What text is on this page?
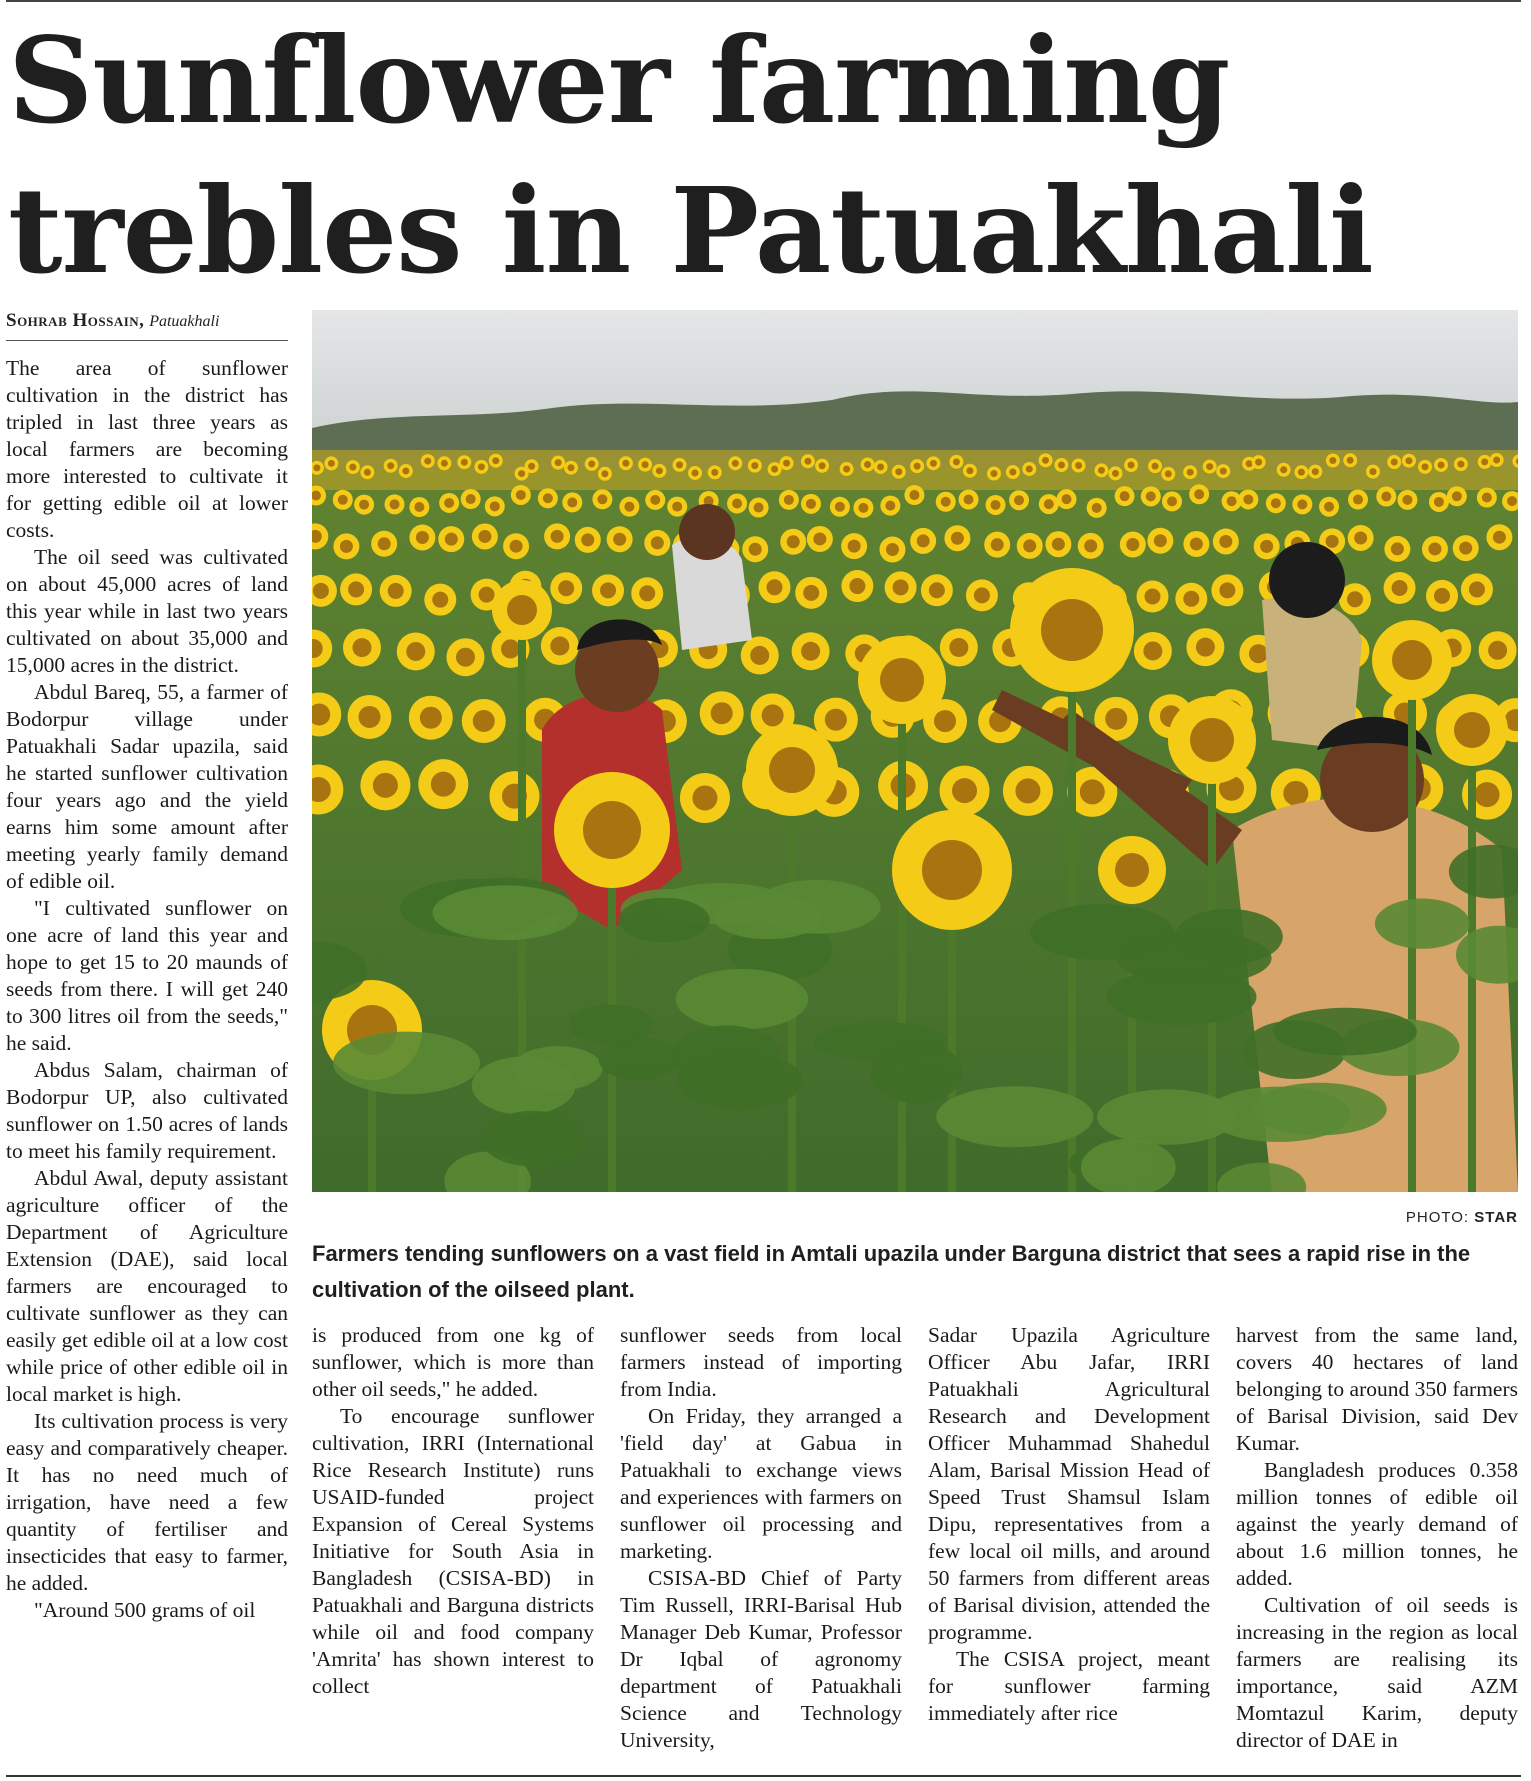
Sunflower farming trebles in Patuakhali
Sohrab Hossain, Patuakhali

The area of sunflower cultivation in the district has tripled in last three years as local farmers are becoming more interested to cultivate it for getting edible oil at lower costs.

The oil seed was cultivated on about 45,000 acres of land this year while in last two years cultivated on about 35,000 and 15,000 acres in the district.

Abdul Bareq, 55, a farmer of Bodorpur village under Patuakhali Sadar upazila, said he started sunflower cultivation four years ago and the yield earns him some amount after meeting yearly family demand of edible oil.

"I cultivated sunflower on one acre of land this year and hope to get 15 to 20 maunds of seeds from there. I will get 240 to 300 litres oil from the seeds," he said.

Abdus Salam, chairman of Bodorpur UP, also cultivated sunflower on 1.50 acres of lands to meet his family requirement.

Abdul Awal, deputy assistant agriculture officer of the Department of Agriculture Extension (DAE), said local farmers are encouraged to cultivate sunflower as they can easily get edible oil at a low cost while price of other edible oil in local market is high.

Its cultivation process is very easy and comparatively cheaper. It has no need much of irrigation, have need a few quantity of fertiliser and insecticides that easy to farmer, he added.

"Around 500 grams of oil

PHOTO: STAR

Farmers tending sunflowers on a vast field in Amtali upazila under Barguna district that sees a rapid rise in the cultivation of the oilseed plant.

is produced from one kg of sunflower, which is more than other oil seeds," he added.

To encourage sunflower cultivation, IRRI (International Rice Research Institute) runs USAID-funded project Expansion of Cereal Systems Initiative for South Asia in Bangladesh (CSISA-BD) in Patuakhali and Barguna districts while oil and food company 'Amrita' has shown interest to collect

sunflower seeds from local farmers instead of importing from India.

On Friday, they arranged a 'field day' at Gabua in Patuakhali to exchange views and experiences with farmers on sunflower oil processing and marketing.

CSISA-BD Chief of Party Tim Russell, IRRI-Barisal Hub Manager Deb Kumar, Professor Dr Iqbal of agronomy department of Patuakhali Science and Technology University,

Sadar Upazila Agriculture Officer Abu Jafar, IRRI Patuakhali Agricultural Research and Development Officer Muhammad Shahedul Alam, Barisal Mission Head of Speed Trust Shamsul Islam Dipu, representatives from a few local oil mills, and around 50 farmers from different areas of Barisal division, attended the programme.

The CSISA project, meant for sunflower farming immediately after rice

harvest from the same land, covers 40 hectares of land belonging to around 350 farmers of Barisal Division, said Dev Kumar.

Bangladesh produces 0.358 million tonnes of edible oil against the yearly demand of about 1.6 million tonnes, he added.

Cultivation of oil seeds is increasing in the region as local farmers are realising its importance, said AZM Momtazul Karim, deputy director of DAE in
